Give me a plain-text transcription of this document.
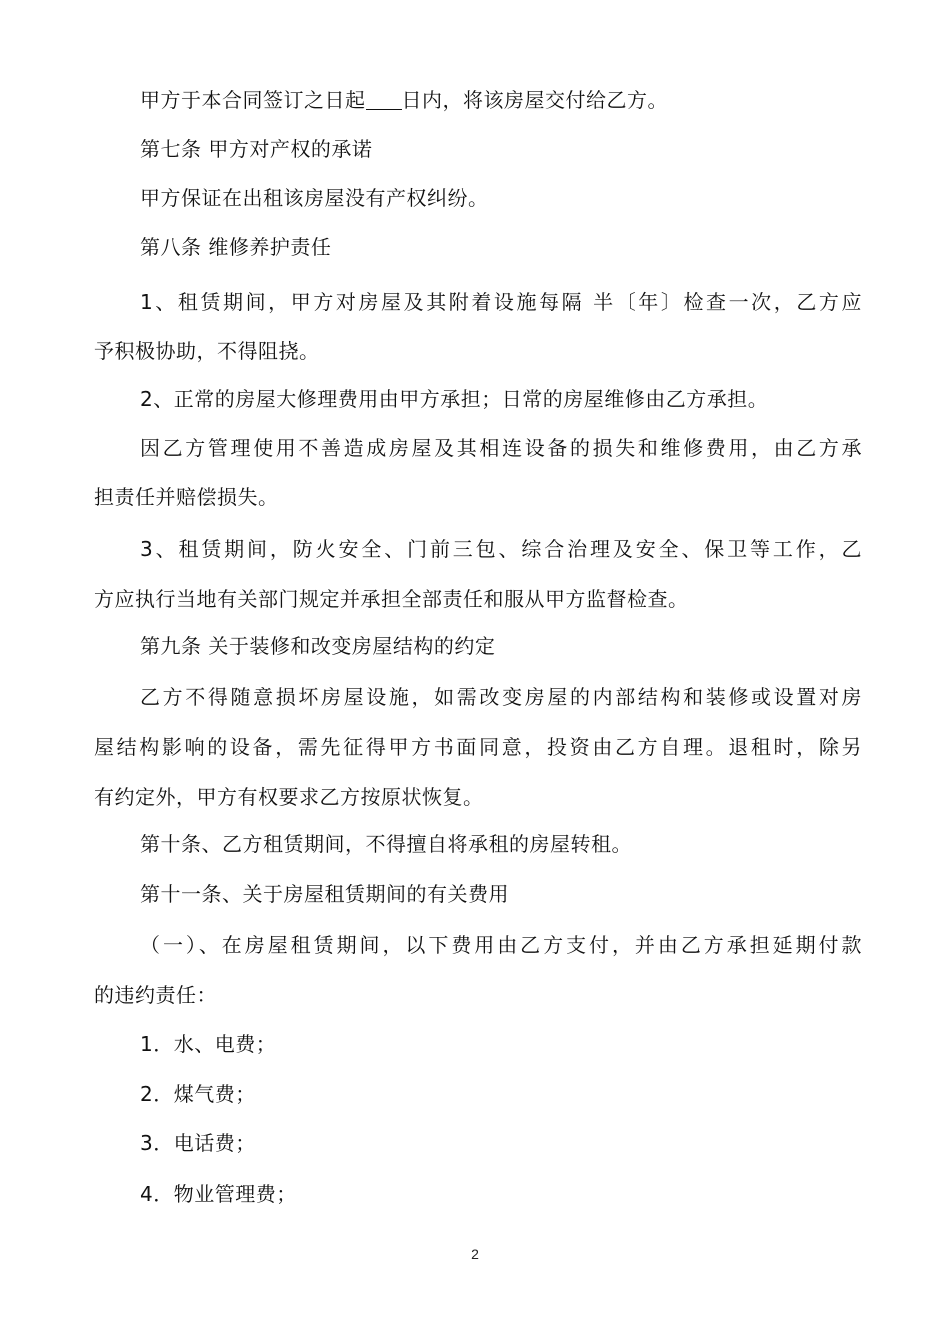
甲方于本合同签订之日起 日内，将该房屋交付给乙方。
第七条 甲方对产权的承诺
甲方保证在出租该房屋没有产权纠纷。
第八条 维修养护责任
1、租赁期间，甲方对房屋及其附着设施每隔 半〔年〕检查一次，乙方应
予积极协助，不得阻挠。
2、正常的房屋大修理费用由甲方承担；日常的房屋维修由乙方承担。
因乙方管理使用不善造成房屋及其相连设备的损失和维修费用，由乙方承
担责任并赔偿损失。
3、租赁期间，防火安全、门前三包、综合治理及安全、保卫等工作，乙
方应执行当地有关部门规定并承担全部责任和服从甲方监督检查。
第九条 关于装修和改变房屋结构的约定
乙方不得随意损坏房屋设施，如需改变房屋的内部结构和装修或设置对房
屋结构影响的设备，需先征得甲方书面同意，投资由乙方自理。退租时，除另
有约定外，甲方有权要求乙方按原状恢复。
第十条、乙方租赁期间，不得擅自将承租的房屋转租。
第十一条、关于房屋租赁期间的有关费用
（一）、在房屋租赁期间，以下费用由乙方支付，并由乙方承担延期付款
的违约责任：
1．水、电费；
2．煤气费；
3．电话费；
4．物业管理费；
2
